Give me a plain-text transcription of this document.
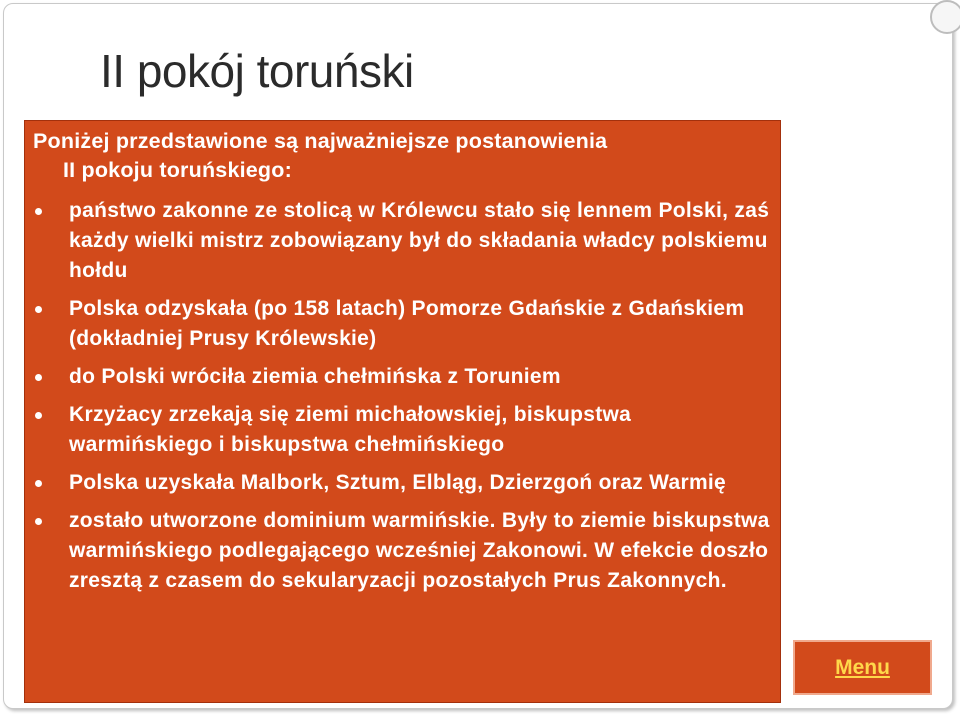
II pokój toruński
Poniżej przedstawione są najważniejsze postanowienia
II pokoju toruńskiego:
państwo zakonne ze stolicą w Królewcu stało się lennem Polski, zaś każdy wielki mistrz zobowiązany był do składania władcy polskiemu hołdu
Polska odzyskała (po 158 latach) Pomorze Gdańskie z Gdańskiem (dokładniej Prusy Królewskie)
do Polski wróciła ziemia chełmińska z Toruniem
Krzyżacy zrzekają się ziemi michałowskiej, biskupstwa warmińskiego i biskupstwa chełmińskiego
Polska uzyskała Malbork, Sztum, Elbląg, Dzierzgoń oraz Warmię
zostało utworzone dominium warmińskie. Były to ziemie biskupstwa warmińskiego podlegającego wcześniej Zakonowi. W efekcie doszło zresztą z czasem do sekularyzacji pozostałych Prus Zakonnych.
Menu
